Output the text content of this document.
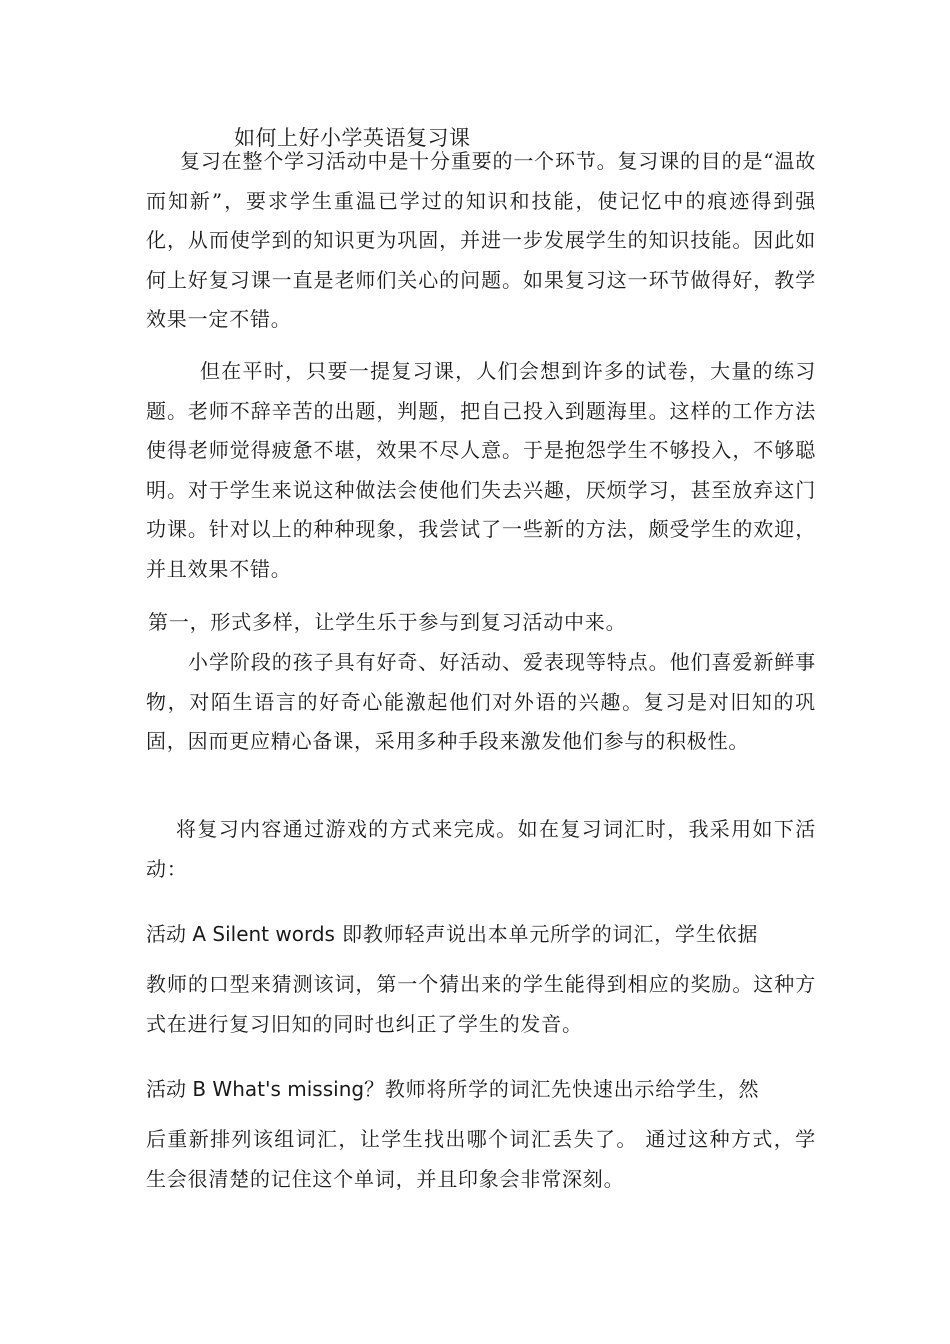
如何上好小学英语复习课

复习在整个学习活动中是十分重要的一个环节。复习课的目的是“温故而知新”，要求学生重温已学过的知识和技能，使记忆中的痕迹得到强化，从而使学到的知识更为巩固，并进一步发展学生的知识技能。因此如何上好复习课一直是老师们关心的问题。如果复习这一环节做得好，教学效果一定不错。

但在平时，只要一提复习课，人们会想到许多的试卷，大量的练习题。老师不辞辛苦的出题，判题，把自己投入到题海里。这样的工作方法使得老师觉得疲惫不堪，效果不尽人意。于是抱怨学生不够投入，不够聪明。对于学生来说这种做法会使他们失去兴趣，厌烦学习，甚至放弃这门功课。针对以上的种种现象，我尝试了一些新的方法，颇受学生的欢迎，并且效果不错。

第一，形式多样，让学生乐于参与到复习活动中来。

小学阶段的孩子具有好奇、好活动、爱表现等特点。他们喜爱新鲜事物，对陌生语言的好奇心能激起他们对外语的兴趣。复习是对旧知的巩固，因而更应精心备课，采用多种手段来激发他们参与的积极性。

将复习内容通过游戏的方式来完成。如在复习词汇时，我采用如下活动：

活动 A Silent words 即教师轻声说出本单元所学的词汇，学生依据

教师的口型来猜测该词，第一个猜出来的学生能得到相应的奖励。这种方式在进行复习旧知的同时也纠正了学生的发音。

活动 B What's missing？教师将所学的词汇先快速出示给学生，然

后重新排列该组词汇，让学生找出哪个词汇丢失了。 通过这种方式，学生会很清楚的记住这个单词，并且印象会非常深刻。
